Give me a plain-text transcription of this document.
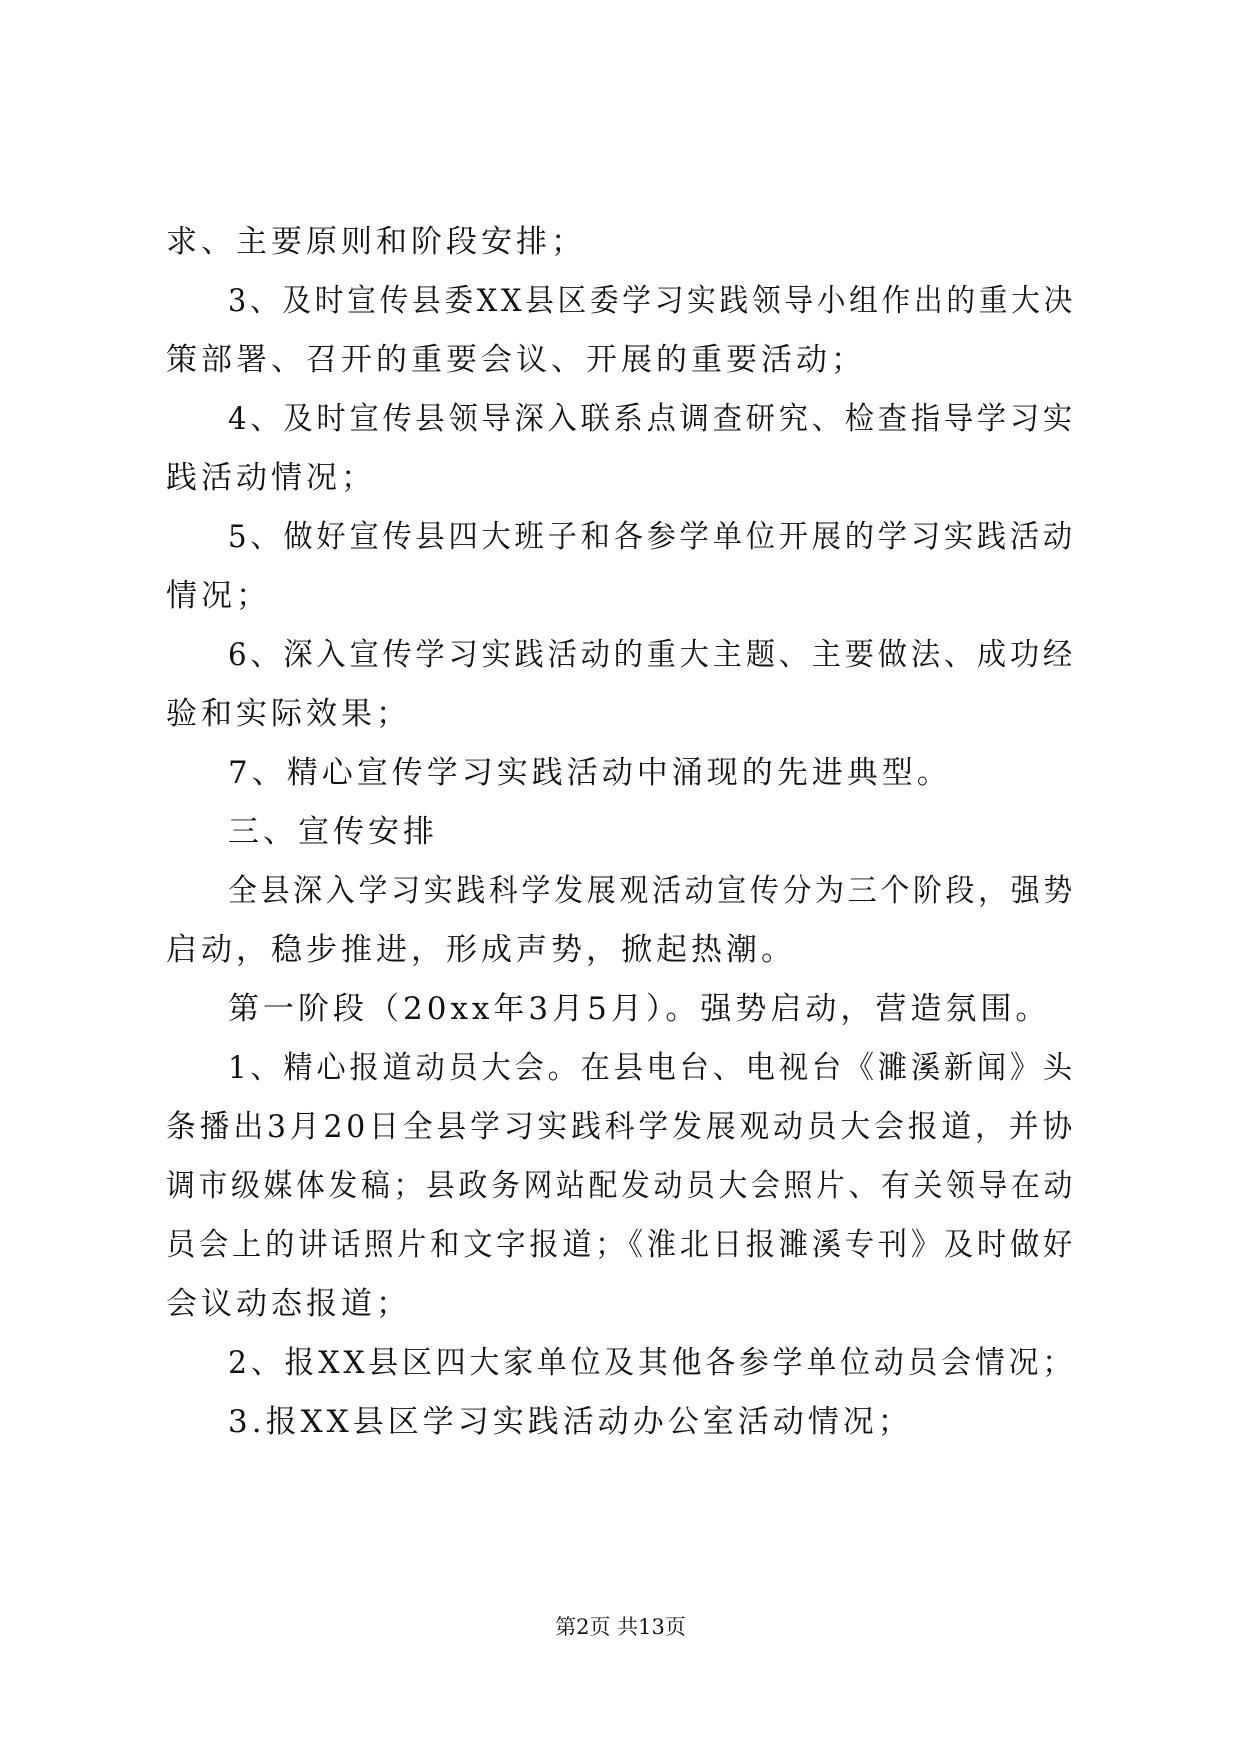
求、主要原则和阶段安排；
3、及时宣传县委XX县区委学习实践领导小组作出的重大决
策部署、召开的重要会议、开展的重要活动；
4、及时宣传县领导深入联系点调查研究、检查指导学习实
践活动情况；
5、做好宣传县四大班子和各参学单位开展的学习实践活动
情况；
6、深入宣传学习实践活动的重大主题、主要做法、成功经
验和实际效果；
7、精心宣传学习实践活动中涌现的先进典型。
三、宣传安排
全县深入学习实践科学发展观活动宣传分为三个阶段，强势
启动，稳步推进，形成声势，掀起热潮。
第一阶段（20xx年3月5月）。强势启动，营造氛围。
1、精心报道动员大会。在县电台、电视台《濉溪新闻》头
条播出3月20日全县学习实践科学发展观动员大会报道，并协
调市级媒体发稿；县政务网站配发动员大会照片、有关领导在动
员会上的讲话照片和文字报道；《淮北日报濉溪专刊》及时做好
会议动态报道；
2、报XX县区四大家单位及其他各参学单位动员会情况；
3.报XX县区学习实践活动办公室活动情况；
第2页 共13页
